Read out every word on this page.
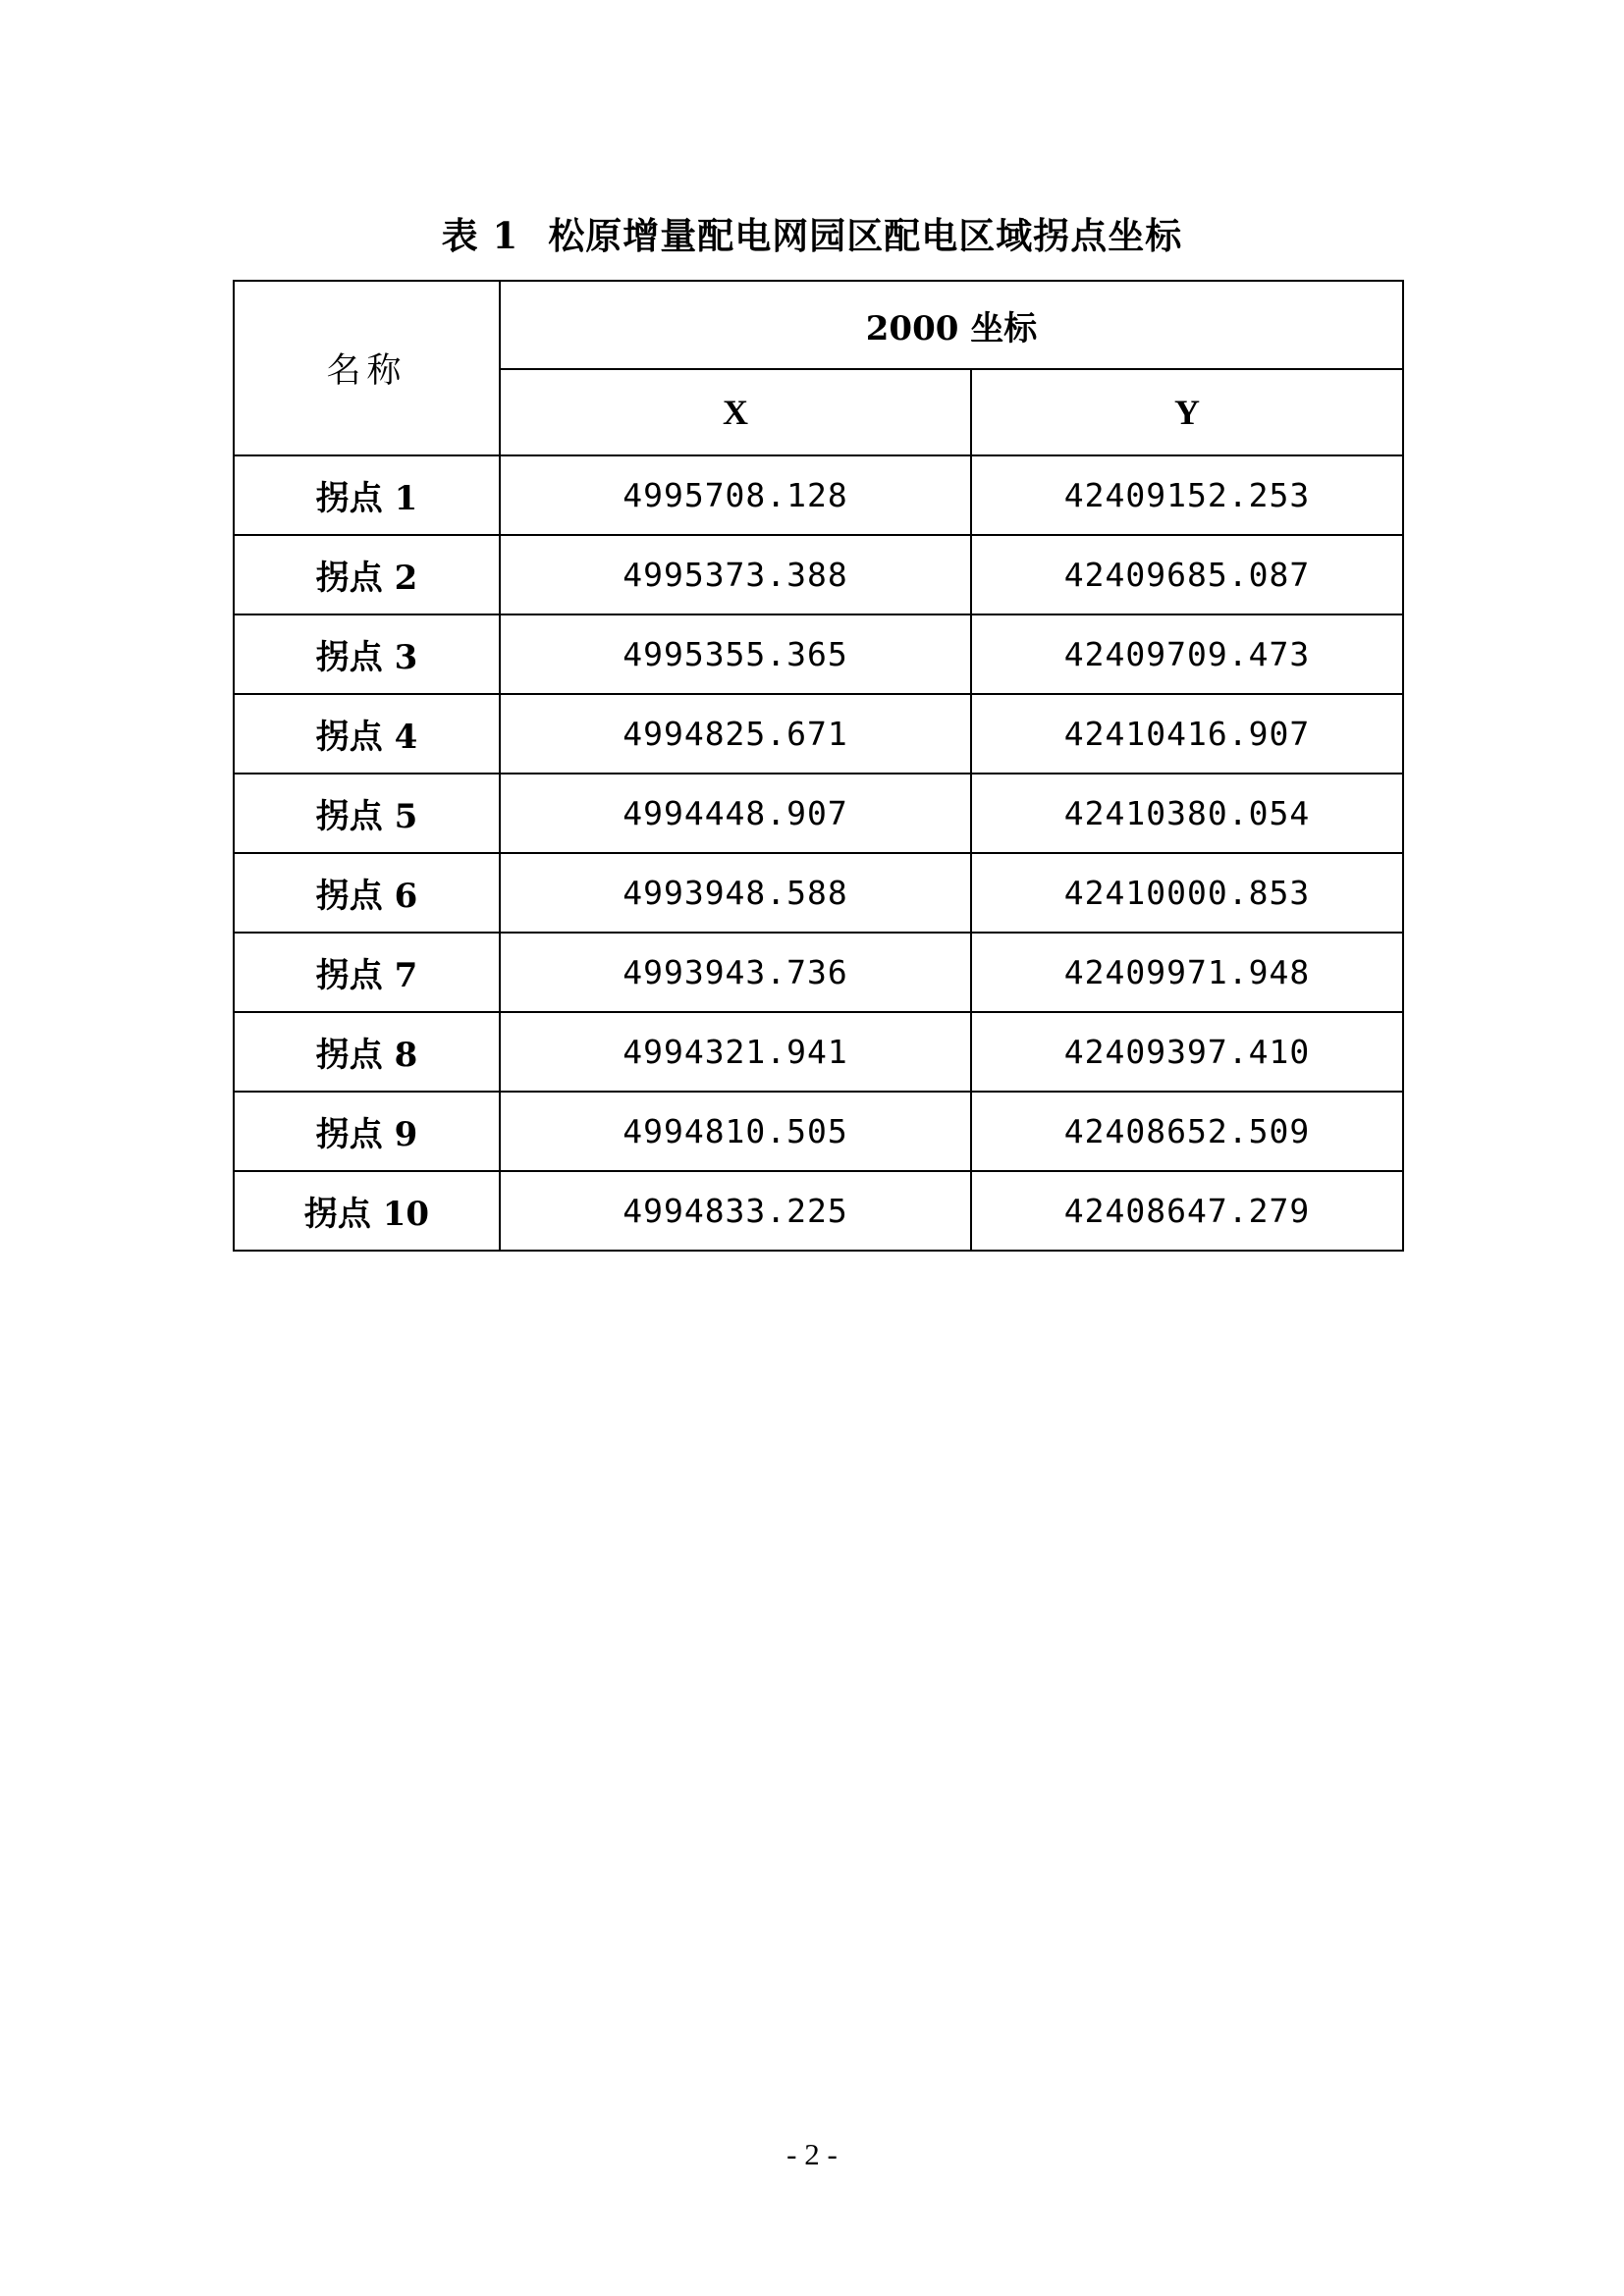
表 1 松原增量配电网园区配电区域拐点坐标
名称	2000 坐标	
	X	Y
拐点 1	4995708.128	42409152.253
拐点 2	4995373.388	42409685.087
拐点 3	4995355.365	42409709.473
拐点 4	4994825.671	42410416.907
拐点 5	4994448.907	42410380.054
拐点 6	4993948.588	42410000.853
拐点 7	4993943.736	42409971.948
拐点 8	4994321.941	42409397.410
拐点 9	4994810.505	42408652.509
拐点 10	4994833.225	42408647.279
- 2 -
